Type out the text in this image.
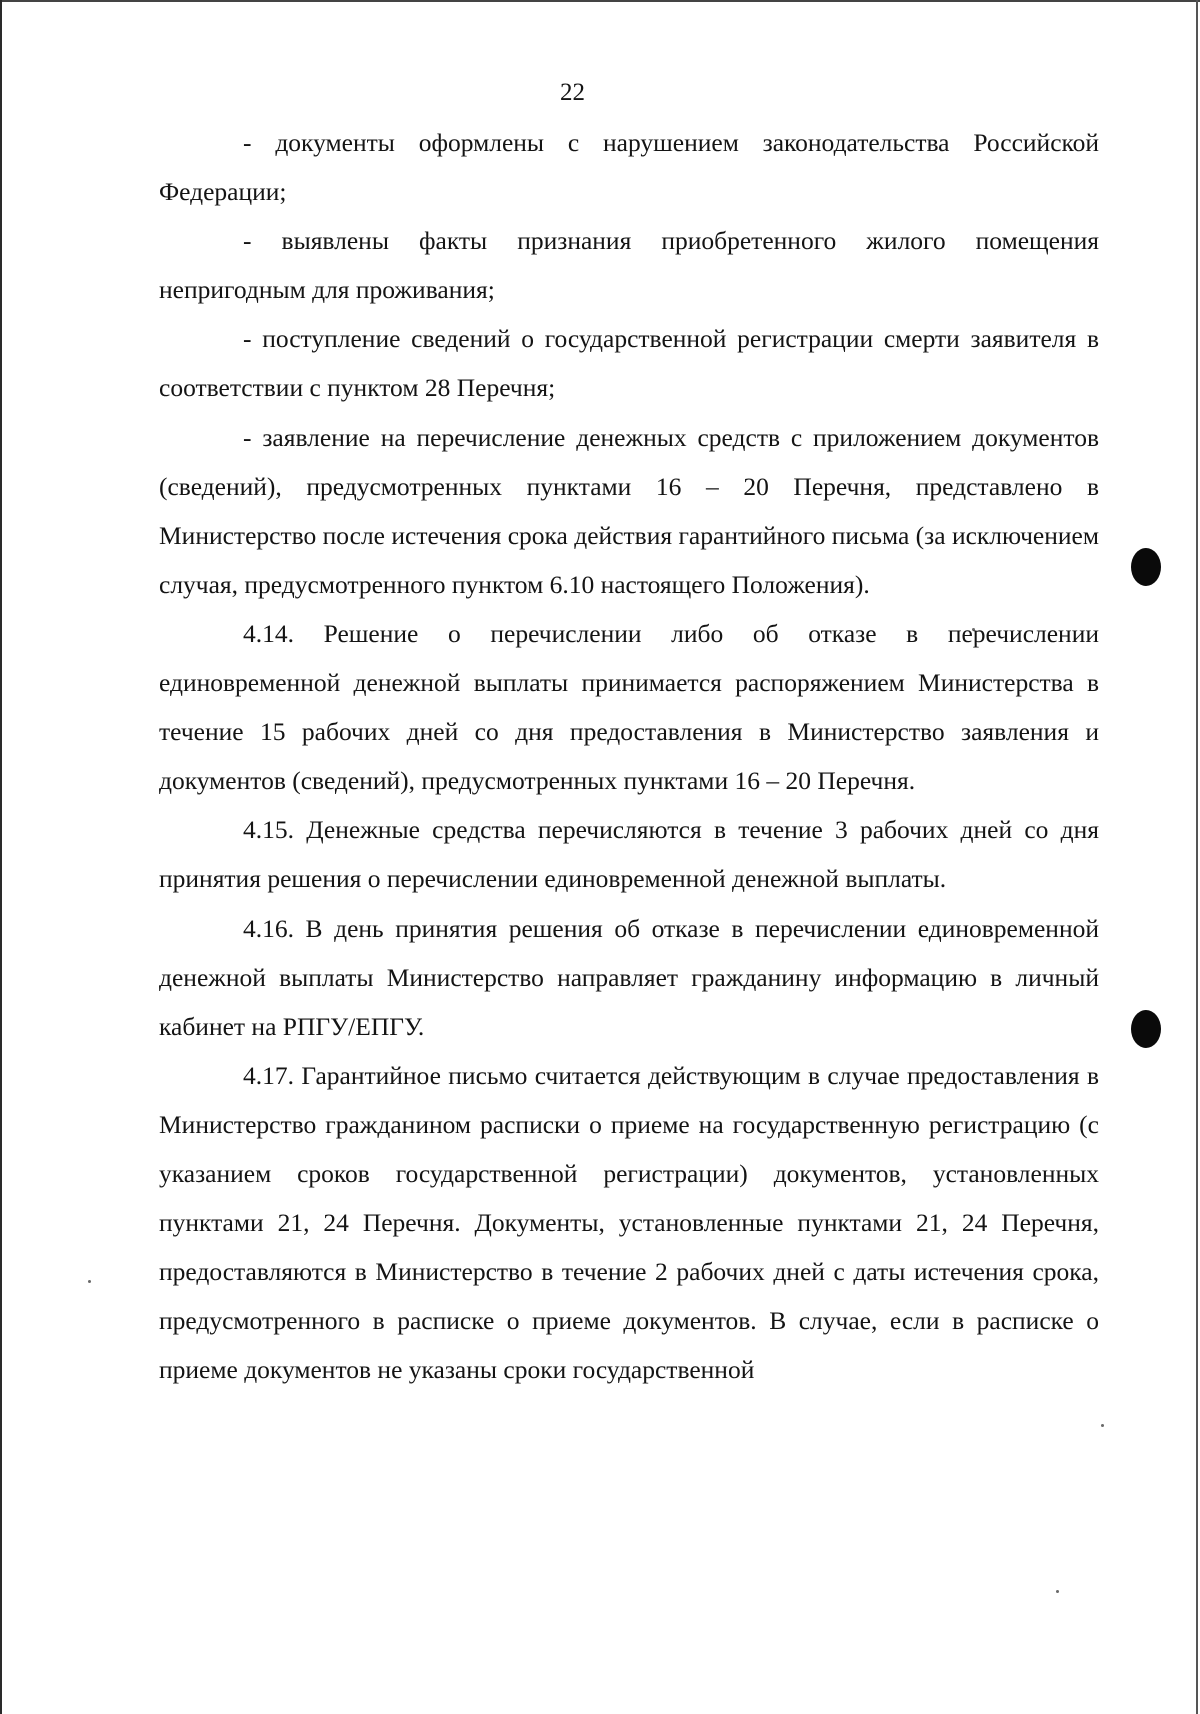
22

- документы оформлены с нарушением законодательства Российской Федерации;

- выявлены факты признания приобретенного жилого помещения непригодным для проживания;

- поступление сведений о государственной регистрации смерти заявителя в соответствии с пунктом 28 Перечня;

- заявление на перечисление денежных средств с приложением документов (сведений), предусмотренных пунктами 16 – 20 Перечня, представлено в Министерство после истечения срока действия гарантийного письма (за исключением случая, предусмотренного пунктом 6.10 настоящего Положения).

4.14. Решение о перечислении либо об отказе в перечислении единовременной денежной выплаты принимается распоряжением Министерства в течение 15 рабочих дней со дня предоставления в Министерство заявления и документов (сведений), предусмотренных пунктами 16 – 20 Перечня.

4.15. Денежные средства перечисляются в течение 3 рабочих дней со дня принятия решения о перечислении единовременной денежной выплаты.

4.16. В день принятия решения об отказе в перечислении единовременной денежной выплаты Министерство направляет гражданину информацию в личный кабинет на РПГУ/ЕПГУ.

4.17. Гарантийное письмо считается действующим в случае предоставления в Министерство гражданином расписки о приеме на государственную регистрацию (с указанием сроков государственной регистрации) документов, установленных пунктами 21, 24 Перечня. Документы, установленные пунктами 21, 24 Перечня, предоставляются в Министерство в течение 2 рабочих дней с даты истечения срока, предусмотренного в расписке о приеме документов. В случае, если в расписке о приеме документов не указаны сроки государственной
